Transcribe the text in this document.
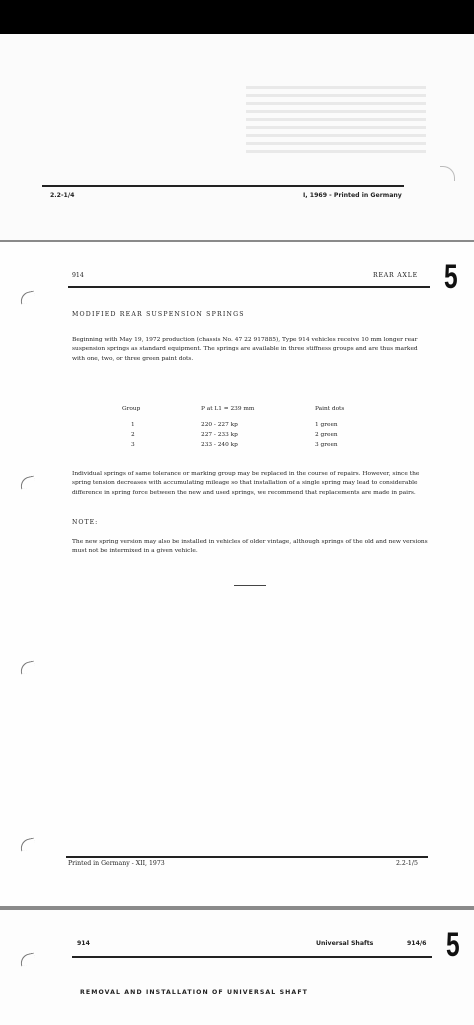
2.2-1/4	I, 1969 - Printed in Germany
914	REAR AXLE 5
MODIFIED REAR SUSPENSION SPRINGS
Beginning with May 19, 1972 production (chassis No. 47 22 917885), Type 914 vehicles receive 10 mm longer rear suspension springs as standard equipment. The springs are available in three stiffness groups and are thus marked with one, two, or three green paint dots.
Group	P at L1 = 239 mm	Paint dots
1	220 - 227 kp	1 green
2	227 - 233 kp	2 green
3	233 - 240 kp	3 green
Individual springs of same tolerance or marking group may be replaced in the course of repairs. However, since the spring tension decreases with accumulating mileage so that installation of a single spring may lead to considerable difference in spring force between the new and used springs, we recommend that replacements are made in pairs.
NOTE:
The new spring version may also be installed in vehicles of older vintage, although springs of the old and new versions must not be intermixed in a given vehicle.
Printed in Germany - XII, 1973	2.2-1/5
914	Universal Shafts	914/6 5
REMOVAL AND INSTALLATION OF UNIVERSAL SHAFT
